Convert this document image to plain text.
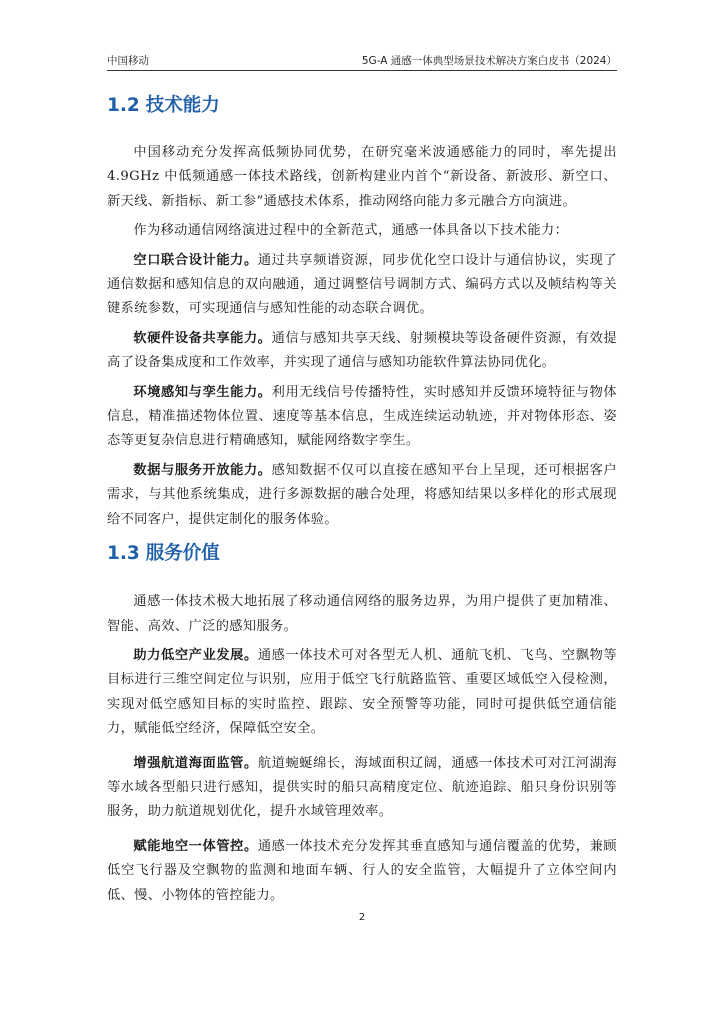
中国移动	5G-A 通感一体典型场景技术解决方案白皮书（2024）
1.2 技术能力

中国移动充分发挥高低频协同优势，在研究毫米波通感能力的同时，率先提出 4.9GHz 中低频通感一体技术路线，创新构建业内首个“新设备、新波形、新空口、新天线、新指标、新工参”通感技术体系，推动网络向能力多元融合方向演进。

作为移动通信网络演进过程中的全新范式，通感一体具备以下技术能力：

空口联合设计能力。通过共享频谱资源，同步优化空口设计与通信协议，实现了通信数据和感知信息的双向融通，通过调整信号调制方式、编码方式以及帧结构等关键系统参数，可实现通信与感知性能的动态联合调优。

软硬件设备共享能力。通信与感知共享天线、射频模块等设备硬件资源，有效提高了设备集成度和工作效率，并实现了通信与感知功能软件算法协同优化。

环境感知与孪生能力。利用无线信号传播特性，实时感知并反馈环境特征与物体信息，精准描述物体位置、速度等基本信息，生成连续运动轨迹，并对物体形态、姿态等更复杂信息进行精确感知，赋能网络数字孪生。

数据与服务开放能力。感知数据不仅可以直接在感知平台上呈现，还可根据客户需求，与其他系统集成，进行多源数据的融合处理，将感知结果以多样化的形式展现给不同客户，提供定制化的服务体验。

1.3 服务价值

通感一体技术极大地拓展了移动通信网络的服务边界，为用户提供了更加精准、智能、高效、广泛的感知服务。

助力低空产业发展。通感一体技术可对各型无人机、通航飞机、飞鸟、空飘物等目标进行三维空间定位与识别，应用于低空飞行航路监管、重要区域低空入侵检测，实现对低空感知目标的实时监控、跟踪、安全预警等功能，同时可提供低空通信能力，赋能低空经济，保障低空安全。

增强航道海面监管。航道蜿蜒绵长，海域面积辽阔，通感一体技术可对江河湖海等水域各型船只进行感知，提供实时的船只高精度定位、航迹追踪、船只身份识别等服务，助力航道规划优化，提升水域管理效率。

赋能地空一体管控。通感一体技术充分发挥其垂直感知与通信覆盖的优势，兼顾低空飞行器及空飘物的监测和地面车辆、行人的安全监管，大幅提升了立体空间内低、慢、小物体的管控能力。

2
